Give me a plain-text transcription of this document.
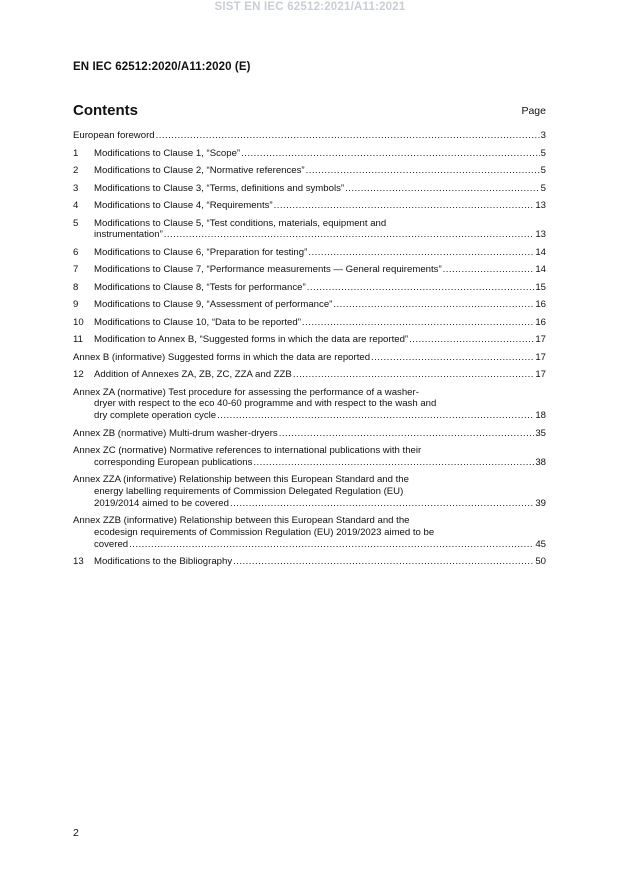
SIST EN IEC 62512:2021/A11:2021
EN IEC 62512:2020/A11:2020 (E)
Contents	Page
European foreword . . .	3
1	Modifications to Clause 1, “Scope” . . .	5
2	Modifications to Clause 2, “Normative references” . . .	5
3	Modifications to Clause 3, “Terms, definitions and symbols” . . .	5
4	Modifications to Clause 4, “Requirements” . . .	13
5	Modifications to Clause 5, “Test conditions, materials, equipment and
instrumentation” . . .	13
6	Modifications to Clause 6, “Preparation for testing” . . .	14
7	Modifications to Clause 7, “Performance measurements — General requirements” . . .	14
8	Modifications to Clause 8, “Tests for performance” . . .	15
9	Modifications to Clause 9, “Assessment of performance” . . .	16
10	Modifications to Clause 10, “Data to be reported” . . .	16
11	Modification to Annex B, “Suggested forms in which the data are reported” . . .	17
Annex B (informative) Suggested forms in which the data are reported . . .	17
12	Addition of Annexes ZA, ZB, ZC, ZZA and ZZB . . .	17
Annex ZA (normative) Test procedure for assessing the performance of a washer-
dryer with respect to the eco 40-60 programme and with respect to the wash and
dry complete operation cycle . . .	18
Annex ZB (normative) Multi-drum washer-dryers . . .	35
Annex ZC (normative) Normative references to international publications with their
corresponding European publications . . .	38
Annex ZZA (informative) Relationship between this European Standard and the
energy labelling requirements of Commission Delegated Regulation (EU)
2019/2014 aimed to be covered . . .	39
Annex ZZB (informative) Relationship between this European Standard and the
ecodesign requirements of Commission Regulation (EU) 2019/2023 aimed to be
covered . . .	45
13	Modifications to the Bibliography . . .	50
2
